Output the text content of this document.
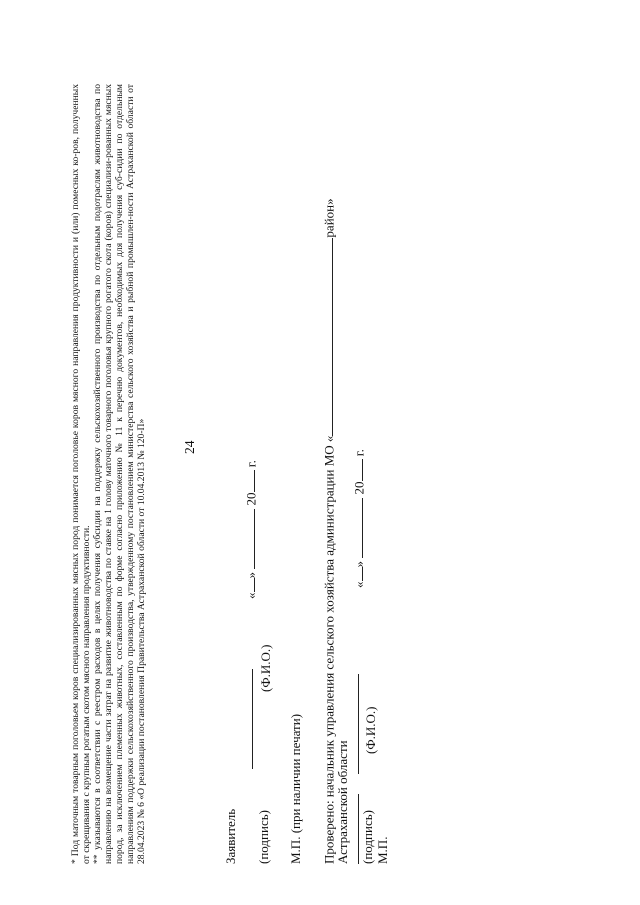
* Под маточным товарным поголовьем коров специализированных мясных пород понимается поголовье коров мясного направления продуктивности и (или) помесных ко-ров, полученных от скрещивания с крупным рогатым скотом мясного направления продуктивности. ** указываются в соответствии с реестром расходов в целях получения субсидии на поддержку сельскохозяйственного производства по отдельным подотраслям животноводства по направлению на возмещение части затрат на развитие животноводства по ставке на 1 голову маточного товарного поголовья крупного рогатого скота (коров) специализи-рованных мясных пород, за исключением племенных животных, составленным по форме согласно приложению № 11 к перечню документов, необходимых для получения суб-сидии по отдельным направлениям поддержки сельскохозяйственного производства, утвержденному постановлением министерства сельского хозяйства и рыбной промышлен-ности Астраханской области от 28.04.2023 № 6 «О реализации постановления Правительства Астраханской области от 10.04.2013 № 120-П»	24
Заявитель (подпись)
(Ф.И.О.)
«»  20 г.
М.П. (при наличии печати) Проверено: начальник управления сельского хозяйства администрации МО «район»
Астраханской области (подпись)
(Ф.И.О.)
«»  20 г.
М.П.
